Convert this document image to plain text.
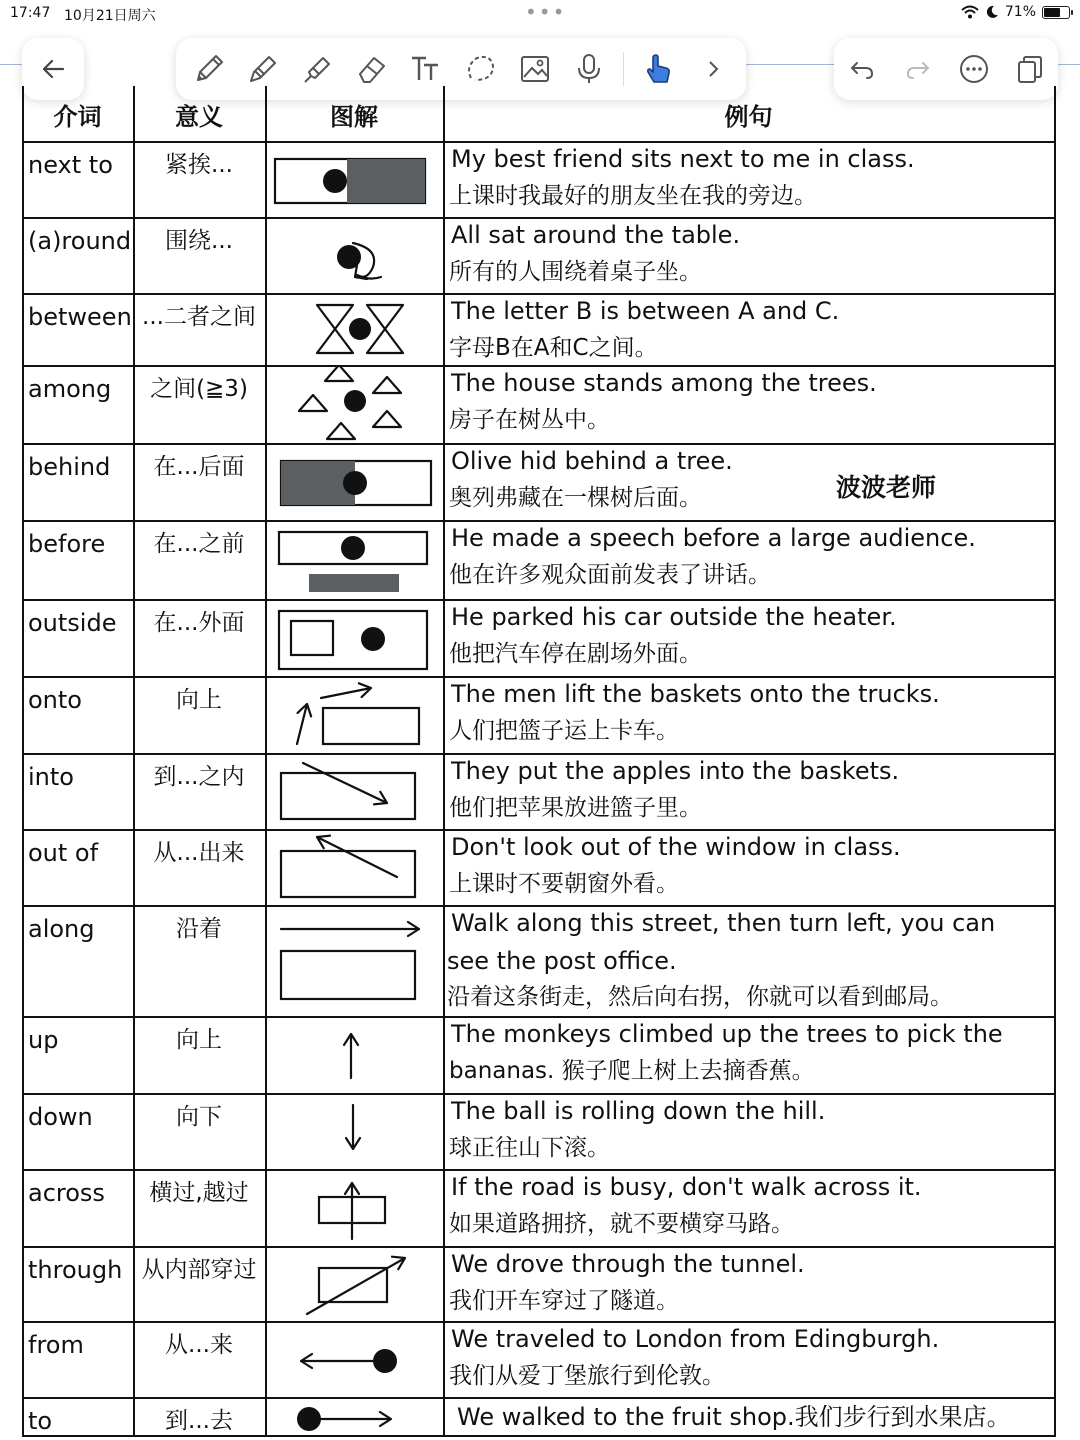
17:47 10月21日周六	•••	71%
介词	意义	图解	例句
next to	紧挨...	My best friend sits next to me in class.
上课时我最好的朋友坐在我的旁边。
(a)round	围绕...	All sat around the table.
所有的人围绕着桌子坐。
between ...二者之间	The letter B is between A and C.
字母B在A和C之间。
among	之间(≧3)	The house stands among the trees.
房子在树丛中。
behind	在...后面	Olive hid behind a tree.
奥列弗藏在一棵树后面。
before	在...之前	He made a speech before a large audience.
他在许多观众面前发表了讲话。
outside	在...外面	He parked his car outside the heater.
他把汽车停在剧场外面。
onto	向上	The men lift the baskets onto the trucks.
人们把篮子运上卡车。
into	到...之内	They put the apples into the baskets.
他们把苹果放进篮子里。
out of	从...出来	Don't look out of the window in class.
上课时不要朝窗外看。
along	沿着	Walk along this street, then turn left, you can
see the post office.
沿着这条街走，然后向右拐，你就可以看到邮局。
up	向上	The monkeys climbed up the trees to pick the
bananas. 猴子爬上树上去摘香蕉。
down	向下	The ball is rolling down the hill.
球正往山下滚。
across	横过,越过	If the road is busy, don't walk across it.
如果道路拥挤，就不要横穿马路。
through 从内部穿过	We drove through the tunnel.
我们开车穿过了隧道。
from	从...来	We traveled to London from Edingburgh.
我们从爱丁堡旅行到伦敦。
to	到...去	We walked to the fruit shop.我们步行到水果店。
波波老师
